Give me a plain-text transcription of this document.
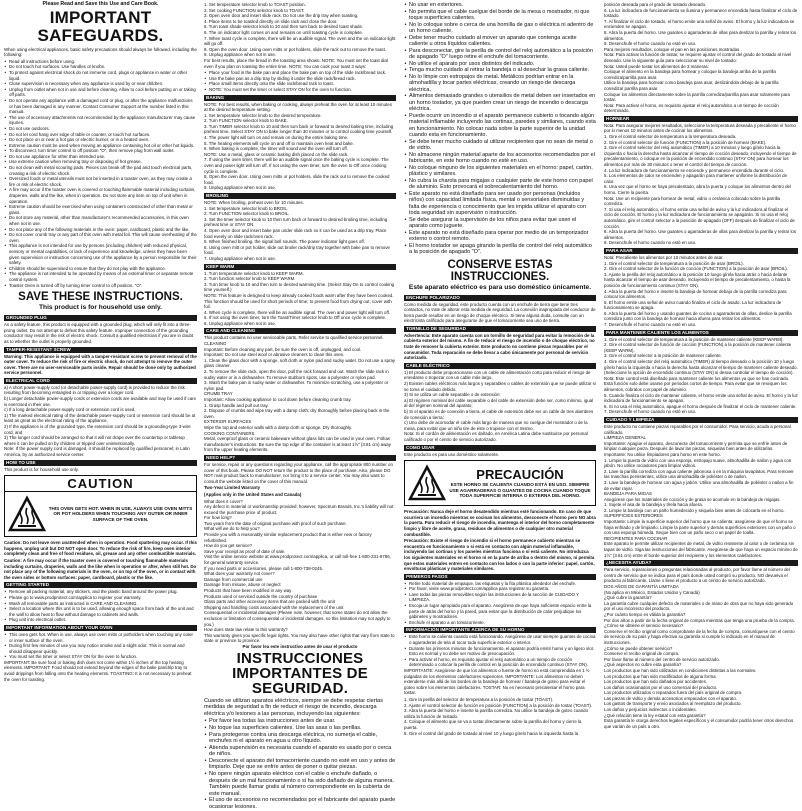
Please Read and Save this Use and Care Book.

IMPORTANT SAFEGUARDS.

When using electrical appliances, basic safety precautions should always be followed, including the following:

• Read all instructions before using.
• Do not touch hot surfaces. Use handles or knobs.
• To protect against electrical shock do not immerse cord, plugs or appliance in water or other liquid.
• Close supervision is necessary when any appliance is used by or near children.
• Unplug from outlet when not in use and before cleaning. Allow to cool before putting on or taking off parts.
• Do not operate any appliance with a damaged cord or plug, or after the appliance malfunctions or has been damaged in any manner. Contact Consumer Support at the number listed in this manual.
• The use of accessory attachments not recommended by the appliance manufacturer may cause injuries.
• Do not use outdoors.
• Do not let cord hang over edge of table or counter, or touch hot surfaces.
• Do not place on or near a hot gas or electric burner, or in a heated oven.
• Extreme caution must be used when moving an appliance containing hot oil or other hot liquids.
• To disconnect, turn timer control to off position "O", then remove plug from wall outlet.
• Do not use appliance for other than intended use.
• Use extreme caution when removing tray or disposing of hot grease.
• Do not clean with metal scouring pads. Pieces can break off the pad and touch electrical parts, creating a risk of electric shock.
• Oversized foods or metal utensils must not be inserted in a toaster oven, as they may create a fire or risk of electric shock.
• A fire may occur if the toaster oven is covered or touching flammable material including curtains, draperies, walls and the like, when in operation. Do not store any item on top of unit when in operation.
• Extreme caution should be exercised when using containers constructed of other than metal or glass.
• Do not store any material, other than manufacturer's recommended accessories, in this oven when not in use.
• Do not place any of the following materials in the oven: paper, cardboard, plastic and the like.
• Do not cover crumb tray or any part of this oven with metal foil. This will cause overheating of the oven.
• This appliance is not intended for use by persons (including children) with reduced physical, sensory or mental capabilities, or lack of experience and knowledge, unless they have been given supervision or instruction concerning use of the appliance by a person responsible for their safety.
• Children should be supervised to ensure that they do not play with the appliance.
• The appliance is not intended to be operated by means of an external timer or separate remote control system.
• Toaster Oven is turned off by turning timer control to off position, "O".
SAVE THESE INSTRUCTIONS.
This product is for household use only.
GROUNDED PLUG

As a safety feature, this product is equipped with a grounded plug, which will only fit into a three-prong outlet. Do not attempt to defeat this safety feature. Improper connection of the grounding conductor may result in the risk of electric shock. Consult a qualified electrician if you are in doubt as to whether the outlet is properly grounded.

TAMPER-RESISTANT SCREW

Warning: This appliance is equipped with a tamper-resistant screw to prevent removal of the outer cover. To reduce the risk of fire or electric shock, do not attempt to remove the outer cover. There are no user-serviceable parts inside. Repair should be done only by authorized service personnel.

ELECTRICAL CORD

a) A short power-supply cord (or detachable power-supply cord) is provided to reduce the risk resulting from becoming entangled in or tripping over a longer cord.

b) Longer detachable power-supply cords or extension cords are available and may be used if care is exercised in their use.

c) If a long detachable power-supply cord or extension cord is used,

1) The marked electrical rating of the detachable power-supply cord or extension cord should be at least as great as the electrical rating of the appliance,

2) If the appliance is of the grounded type, the extension cord should be a grounding-type 3-wire cord, and

3) The longer cord should be arranged so that it will not drape over the countertop or tabletop where it can be pulled on by children or tripped over unintentionally.

Note: If the power supply cord is damaged, it should be replaced by qualified personnel; in Latin America, by an authorized service center.

HOW TO USE

This product is for household use only.

CAUTION
THIS OVEN GETS HOT. WHEN IN USE, ALWAYS USE OVEN MITTS OR POT HOLDERS WHEN TOUCHING ANY OUTER OR INNER SURFACE OF THE OVEN.

Caution: Do not leave oven unattended when in operation. Food spattering may occur. If this happens, unplug unit but DO NOT open door. To reduce the risk of fire, keep oven interior completely clean and free of food residues, oil, grease and any other combustible materials.

Caution: A fire may occur if the toaster oven is covered or touching flammable materials including curtains, draperies, walls and the like when in operation or after, when still hot. Do not place any of the following materials in the oven, or on top of the oven, or in contact with the oven sides or bottom surfaces: paper, cardboard, plastic or the like.

GETTING STARTED
• Remove all packing material, any stickers, and the plastic band around the power plug.
• Please go to www.prodprotect.com/applica to register your warranty.
• Wash all removable parts as instructed in CARE AND CLEANING.
• Select a location where this unit is to be used, allowing enough space from back of the unit and the wall to allow heat to flow without damage to cabinets and walls.
• Plug unit into electrical outlet.
IMPORTANT INFORMATION ABOUT YOUR OVEN
• This oven gets hot. When in use, always use oven mitts or potholders when touching any outer or inner surface of the oven.
• During first few minutes of use you may notice smoke and a slight odor. This is normal and should disappear quickly.
• You must set the timer or select STAY ON for the oven to function.

IMPORTANT: Be sure food or baking dish does not come within 1½ inches of the top heating elements. IMPORTANT: Food should not extend beyond the edges of the bake pan/drip tray to avoid drippings from falling onto the heating elements. TOASTING: It is not necessary to preheat the oven for toasting.

1. Set temperature selector knob to TOAST position.

2. Set cooking FUNCTION selector knob to TOAST.

3. Open oven door and insert slide rack. Do not use the drip tray when toasting.

4. Place items to be toasted directly on slide rack and close the door.

5. Turn toast shade selector knob to 10 and then turn back to desired toast shade.

6. The on indicator light comes on and remains on until toasting cycle is complete.

7. When toast cycle is complete, there will be an audible signal. The oven and the on indicator light will go off.

8. Open the oven door. Using oven mitts or pot holders, slide the rack out to remove the toast.

9. Unplug appliance when not in use.

For best results, place the bread in the toasting area shown. NOTE: You must set the toast dial even if you plan on toasting the entire time. NOTE: You can cook your toast 3 ways:

• Place your food in the bake pan and place the bake pan on top of the slide rack/bread rack.
• Use the bake pan as a drip tray by sliding it under the slide rack/bread rack.
• Place small items directly onto the slide rack/bread rack to toast.
• NOTE: You must set the timer or select STAY ON for the oven to function.
BAKING

NOTE: For best results, when baking or cooking, always preheat the oven for at least 10 minutes at the desired temperature setting.

1. Set temperature selector knob to the desired temperature.

2. Turn FUNCTION selector knob to BAKE.

3. Turn TIMER selector knob to 10 and then turn back or forward to desired baking time, including preheat time. Select STAY ON to bake longer than 30 minutes or to control cooking time yourself.

4. The power light will turn on and remain on during the entire baking time.

5. The heating elements will cycle on and off to maintain oven heat and bake.

6. When baking is complete, the timer will sound and the oven will turn off.

NOTE: Use a metal, glass or ceramic baking dish placed on the slide rack.

7. If using the oven timer, there will be an audible signal once the baking cycle is complete. The oven and power light will turn off. If not using the oven timer, turn the oven to Off once cooking cycle is complete.

8. Open the oven door. Using oven mitts or pot holders, slide the rack out to remove the cooked food.

9. Unplug appliance when not in use.

BROILING

NOTE: When broiling, preheat oven for 10 minutes.

1. Set temperature selector knob to BROIL.

2. Turn FUNCTION selector knob to BROIL.

3. Set the timer selector knob to 10 then turn back or forward to desired broiling time, including preheat time or STAY ON.

4. Open oven door and insert bake pan under slide rack so it can be used as a drip tray. Place food evenly on slide rack/oven rack.

5. When finished broiling, the signal bell sounds. The power indicator light goes off.

6. Using oven mitt or pot holder, slide out broiler rack/drip tray together with bake pan to remove food.

7. Unplug appliance when not in use.

KEEP WARM

1. Turn temperature selector knob to KEEP WARM.

2. Turn function selector knob to KEEP WARM.

3. Turn timer knob to 10 and then turn to desired warming time. (Select Stay On to control cooking time yourself.)

NOTE: This feature is designed to keep already cooked foods warm after they have been cooked.

This function should be used for short periods of time; to prevent food from drying out, cover with foil.

4. When cycle is complete, there will be an audible signal. The oven and power light will turn off.

5. If not using the oven timer, turn the Toast/Timer selector knob to Off once cycle is complete.

6. Unplug appliance when not in use.

CARE AND CLEANING

This product contains no user serviceable parts. Refer service to qualified service personnel.

CLEANING

Important: Before cleaning any part, be sure the oven is off, unplugged, and cool.

Important: Do not use steel wool or abrasive cleaners to clean this oven.

1. Clean the glass door with a sponge, soft cloth or nylon pad and sudsy water. Do not use a spray glass cleaner.

2. To remove the slide rack, open the door, pull the rack forward and out. Wash the slide rack in sudsy water or in a dishwasher. To remove stubborn spots, use a polyester or nylon pad.

3. Wash the bake pan in sudsy water or dishwasher. To minimize scratching, use a polyester or nylon pad.

CRUMB TRAY

Important: Allow cooking appliance to cool down before cleaning crumb tray.

1. Grasp handle and pull out tray.

2. Dispose of crumbs and wipe tray with a damp cloth; dry thoroughly before placing back in the oven.

EXTERIOR SURFACES

Wipe the top and exterior walls with a damp cloth or sponge. Dry thoroughly.

COOKING CONTAINERS

Metal, ovenproof glass or ceramic bakeware without glass lids can be used in your oven. Follow manufacturer's instructions. Be sure the top edge of the container is at least 1½" (3.81 cm) away from the upper heating elements.

NEED HELP?

For service, repair or any questions regarding your appliance, call the appropriate 800 number on cover of this book. Please DO NOT return the product to the place of purchase. Also, please DO NOT mail product back to manufacturer, nor bring it to a service center. You may also want to consult the website listed on the cover of this manual.

Two-Year Limited Warranty

(Applies only in the United States and Canada)

What does it cover?

Any defect in material or workmanship provided; however, Spectrum Brands, Inc.'s liability will not exceed the purchase price of product.

For how long?

Two years from the date of original purchase with proof of such purchase.

What will we do to help you?

Provide you with a reasonably similar replacement product that is either new or factory refurbished.

How do you get service?

Save your receipt as proof of date of sale.

Visit the online service website at www.prodprotect.com/applica, or call toll-free 1-800-231-9786, for general warranty service.

If you need parts or accessories, please call 1-800-738-0245.

What does your warranty not cover?

Damage from commercial use

Damage from misuse, abuse or neglect

Products that have been modified in any way

Products used or serviced outside the country of purchase

Glass parts and other accessory items that are packed with the unit

Shipping and handling costs associated with the replacement of the unit

Consequential or incidental damages (Please note, however, that some states do not allow the exclusion or limitation of consequential or incidental damages, so this limitation may not apply to you.)

How does state law relate to this warranty?

This warranty gives you specific legal rights. You may also have other rights that vary from state to state or province to province.

Por favor lea este instructivo antes de usar el producto

INSTRUCCIONES IMPORTANTES DE SEGURIDAD.

Cuando se utilizan aparatos eléctricos, siempre se debe respetar ciertas medidas de seguridad a fin de reducir el riesgo de incendio, descarga eléctrica y/o lesiones a las personas, incluyendo las siguientes:

• Por favor lea todas las instrucciones antes de usar.
• No toque las superficies calientes. Use las asas o las perillas.
• Para protegerse contra una descarga eléctrica, no sumerja el cable, enchufes ni el aparato en agua u otro líquido.
• Atienda supervisión es necesaria cuando el aparato es usado por o cerca de niños.
• Desconecte el aparato del tomacorriente cuando no esté en uso y antes de limpiarlo. Deje que se enfríe antes de poner o quitar piezas.
• No opere ningún aparato eléctrico con el cable o enchufe dañado, o después de un mal funcionamiento o si ha sido dañado de alguna manera. También puede llamar gratis al número correspondiente en la cubierta de este manual.
• El uso de accesorios no recomendados por el fabricante del aparato puede ocasionar lesiones.
• No usar en exteriores.
• No permita que el cable cuelgue del borde de la mesa o mostrador, ni que toque superficies calientes.
• No lo coloque sobre o cerca de una hornilla de gas o eléctrica ni adentro de un horno caliente.
• Debe tener mucho cuidado al mover un aparato que contenga aceite caliente u otros líquidos calientes.
• Para desconectar, gire la perilla de control del reloj automático a la posición de apagado "O" luego retire el enchufe del tomacorriente.
• No utilice el aparato por usos distintos del indicado.
• Tenga mucho cuidado al retirar la bandeja o al desechar la grasa caliente.
• No lo limpie con estropajos de metal. Metálicos podrían entrar en la almohadilla y tocar partes eléctricas, creando un riesgo de descarga eléctrica.
• Alimentos demasiado grandes o utensilios de metal deben ser insertados en un horno tostador, ya que pueden crear un riesgo de incendio o descarga eléctrica.
• Puede ocurrir un incendio si el aparato permanece cubierto o tocando algún material inflamable incluyendo las cortinas, paredes y similares, cuando esta en funcionamiento. No colocar nada sobre la parte superior de la unidad cuando esta en funcionamiento.
• Se debe tener mucho cuidado al utilizar recipientes que no sean de metal o de vidrio.
• No almacene ningún material aparte de los accesorios recomendados por el fabricante, en este horno cuando no esté en uso.
• No coloque ninguno de los siguientes materiales en el horno: papel, cartón, plástico y similares.
• No cubra la charola para migajas o cualquier parte de este horno con papel de aluminio. Esto provocará el sobrecalentamiento del horno.
• Este aparato no está diseñado para ser usado por personas (incluidos niños) con capacidad limitada física, mental o sensoriales disminuidas y falta de experiencia o conocimiento que les impida utilizar el aparato con toda seguridad sin supervisión o instrucción.
• Se debe asegurar la supervisión de los niños para evitar que usen el aparato como juguete.
• Este aparato no está diseñado para operar por medio de un temporizador externo o control remoto.
• El horno tostador se apaga girando la perilla de control del reloj automático a la posición de apagado "O".
CONSERVE ESTAS INSTRUCCIONES.
Este aparato eléctrico es para uso doméstico únicamente.
ENCHUFE POLARIZADO

Como medida de seguridad, este producto cuenta con un enchufe de tierra que tiene tres contactos, no trate de alterar esta medida de seguridad. La conexión inapropiada del conductor de tierra puede resultar en un riesgo de choque eléctrico. Si tiene alguna duda, consulte con un electricista calificado para asegurarse de que el tomacorriente sea uno de tierra.

TORNILLO DE SEGURIDAD

Advertencia: Este aparato cuenta con un tornillo de seguridad para evitar la remoción de la cubierta exterior del mismo. A fin de reducir el riesgo de incendio o de choque eléctrico, no trate de remover la cubierta exterior. Este producto no contiene piezas reparables por el consumidor. Toda reparación se debe llevar a cabo únicamente por personal de servicio autorizado.

CABLE ELÉCTRICO

1) El producto debe proporcionarse con un cable de alimentación corto para reducir el riesgo de enredarse o tropezar con un cable más largo.

2) Existen cables eléctricos más largos y separables o cables de extensión que se puede utilizar si se toma el cuidado debido.

3) Si se utiliza un cable separable o de extensión:

a) El régimen nominal del cable separable o del cable de extensión debe ser, como mínimo, igual al del régimen nominal del aparato;

b) Si el aparato es de conexión a tierra, el cable de extensión debe ser un cable de tres alambres de conexión a tierra;

c) Uno debe de acomodar el cable más largo de manera que no cuelgue del mostrador o de la mesa, para evitar que un niño tire de éste o tropiece con el mismo.

Nota: Si el cordón de alimentación es dañado, en América Latina debe sustituirse por personal calificado o por el centro de servicio autorizado.

COMO USAR

Este producto es para uso doméstico solamente.

PRECAUCIÓN
ESTE HORNO SE CALIENTA CUANDO ESTÁ EN USO. SIEMPRE USE AGARRADERAS O GUANTES DE COCINA CUANDO TOQUE TODA SUPERFICIE INTERNA O EXTERNA DEL HORNO.

Precaución: Nunca deje el horno desatendido mientras esté funcionando. En caso de que ocurriera un incendio mientras se cocinan los alimentos, desconecte el horno pero NO abra la puerta. Para reducir el riesgo de incendio, mantenga el interior del horno completamente limpio y libre de aceite, grasa, residuos de alimentos o de cualquier otro material combustible.

Precaución: Existe el riesgo de incendio si el horno permanece cubierto mientras se encuentra en funcionamiento o si está en contacto con algún material inflamable, incluyendo las cortinas y los paneles mientras funciona o si está caliente. No introduzca los siguientes materiales en el horno ni en la parte de arriba o dentro del mismo, ni permita que estos materiales entren en contacto con los lados o con la parte inferior: papel, cartón, envolturas plásticas y materiales similares.

PRIMEROS PASOS
• Retire todo material de empaque, las etiquetas y la fita plástica alrededor del enchufe.
• Por favor, visite www.prodprotect.com/applica para registrar su garantía.
• Lave todas las piezas removibles según las instrucciones de la sección de CUIDADO Y LIMPIEZA.
• Escoja un lugar apropiado para el aparato. Asegúrese de que haya suficiente espacio entre la parte de atrás del horno y la pared, para evitar que la distribución de calor perjudique los gabinetes y mostradores.
• Enchufe el aparato a un tomacorriente.
INFORMACIÓN IMPORTANTE ACERCA DE SU HORNO
• Este horno se calienta cuando está funcionando. Asegúrese de usar siempre guantes de cocina o agarraderas de tela al tocar toda superficie exterior o interior.
• Durante los primeros minutos de funcionamiento, el aparato podría emitir humo y un ligero olor. Esto es normal y no debe ser motivo de preocupación.
• Para activar el horno, es requisito ajustar el reloj automático a un tiempo de cocción determinado o colocar la perilla de control en la posición de encendido continuo (STAY ON).

IMPORTANTE: Asegúrese de que los alimentos o fuente de horno no está comprendida en 1 ½ pulgadas de los elementos calefactores superiores. IMPORTANTE: Los alimentos no deben extenderse más allá de los bordes de la bandeja de hornear / bandeja de goteo para evitar el goteo sobre los elementos calefactores. TOSTAR: No es necesario precalentar el horno para tostar.

1. Gire la perilla del selector de temperatura a la posición de tostar (TOAST).

2. Ajuste el control selector de función en posición (FUNCTION) a la posición de tostar (TOAST).

3. Abra la puerta del horno e inserte la parrilla corrediza. No utilice la bandeja de goteo cuando utiliza la función de tostado.

4. Coloque el alimento que se va a tostar directamente sobre la parrilla del horno y cierre la puerta.

5. Gire el control del grado de tostado al nivel 10 y luego gírelo hacia la izquierda hasta la

posición deseada para el grado de tostado deseado.

6. La luz indicadora de funcionamiento se ilumina y permanece encendida hasta finalizar el ciclo de tostado.

7. Al finalizar el ciclo de tostado, el horno emite una señal de aviso. El horno y la luz indicadora se encienden se apagan.

8. Abra la puerta del horno. Use guantes o agarraderas de ollas para deslizar la parrilla y retirar los alimentos.

9. Desenchufe el horno cuando no esté en uso.

Para mejores resultados, coloque el pan en las posiciones mostradas.

Nota: Para activar la función de tostar, se requiere ajustar el control del grado de tostado al nivel deseado. Use la siguiente guía para seleccionar su nivel de tostado:

Nota: Usted puede tostar los alimentos de 3 maneras:

Coloque el alimento en la bandeja para hornear y coloque la bandeja arriba de la parrilla corrediza/parrilla para asar.

Utilice la bandeja para hornear como bandeja para asar, deslizándola debajo de la parrilla corrediza/ parrilla para asar.

Coloque los alimentos directamente sobre la parrilla corrediza/parrilla para asar solamente para tostar.

Nota: Para activar el horno, es requisito ajustar el reloj automático a un tiempo de cocción determinado.

HORNEAR

Nota: Para asegurar mejores resultados, seleccione la temperatura deseada y precaliente el horno por lo menos 10 minutos antes de cocinar los alimentos.

1. Gire el control selector de temperatura a la temperatura deseada.

2. Gire el control selector de función (FUNCTION) a la posición de hornear (BAKE).

3. Gire el control selector del reloj automático (TIMER) a 10 minutos y luego gírelo hacia la izquierda o hacia la derecha hasta alcanzar el tiempo de cocción deseado, incluyendo el tiempo de precalentamiento, o coloque en la posición de encendido continuo (STAY ON) para hornear los alimentos por más de 30 minutos o tener el control del tiempo de cocción.

4. La luz indicadora de funcionamiento se enciende y permanece encendida durante el ciclo.

5. Los elementos de calor se encienden y apagarán para mantener uniforme la distribución de calor.

6. Una vez que el horno se haya precalentado, abra la puerta y coloque los alimentos dentro del horno. Cierre la puerta.

Nota: Use un recipiente para hornear de metal, vidrio o cerámica colocado sobre la parrilla corrediza.

7. Si usa el reloj automático, el horno emite una señal de aviso y la luz indicadora al finalizar el ciclo de cocción. El horno y la luz indicadora de funcionamiento se apagarán. Si no usa el reloj automático, gire el control selector a la posición de apagado (OFF) después de finalizar el ciclo de cocción.

8. Abra la puerta del horno. Use guantes o agarraderas de ollas para deslizar la parrilla y retirar los alimentos.

9. Desenchufe el horno cuando no esté en uso.

PARA ASAR

Nota: Precaliente los alimentos por 10 minutos antes de asar.

1. Gire el control selector de temperatura a la posición de asar (BROIL).

2. Gire el control selector de la función de cocción (FUNCTION) a la posición de asar (BROIL).

3. Ajuste la perilla del reloj automático a la posición 10 luego gírela hacia atrás o hacia delante hasta alcanzar el tiempo de asar deseado, incluyendo el tiempo de precalentamiento, o hasta la posición de funcionamiento continuo (STAY ON).

4. Abra la puerta del horno e inserte la bandeja de hornear debajo de la parrilla corrediza para colocar los alimentos.

5. El horno emite una señal de aviso cuando finaliza el ciclo de asado. La luz indicadora de funcionamiento se apaga.

6. Abra la puerta del horno y usando guantes de cocina o agarraderas de ollas, deslice la parrilla corrediza junto con la bandeja de hornear hacia afuera para retirar los alimentos.

7. Desenchufe el horno cuando no esté en uso.

PARA MANTENER CALIENTE LOS ALIMENTOS

1. Gire el control selector de temperatura a la posición de mantener caliente (KEEP WARM).

2. Gire el control selector de función de cocción (FUNCTION) a la posición de mantener caliente (KEEP WARM).

3. Gire el control selector a la posición de mantener caliente.

4. Gire el control selector del reloj automático (TIMER) al tiempo deseado o la posición 10 y luego gírelo hacia la izquierda o hacia la derecha hasta alcanzar el tiempo de mantener caliente deseado. (Seleccione la opción de encendido continuo (STAY ON) si desea controlar el tiempo de cocción).

Nota: Este control está diseñado para mantener caliente los alimentos ya que se han cocinado. Esta función solo debe usarse por periodos cortos de tiempo. Para evitar que se resequen los alimentos, cúbralos con papel de aluminio.

5. Cuando finaliza el ciclo de mantener caliente, el horno emite una señal de aviso. El horno y la luz indicadora de funcionamiento se apagan.

6. Si no usa el reloj automático, apague el horno después de finalizar el ciclo de mantener caliente.

7. Desenchufe el horno cuando no esté en uso.

CUIDADO Y LIMPIEZA

Este producto no contiene piezas reparables por el consumidor. Para servicio, acuda a personal calificado.

LIMPIEZA GENERAL

Importante: Apague el aparato, desconecte del tomacorriente y permita que se enfríe antes de limpiar cualquier pieza. Después de lavar las piezas, séquelas bien antes de utilizarlas.

Importante: No utilice limpiadores para horno en este horno.

1. Limpie la puerta de vidrio con una esponja, estropajo suave, almohadilla de nailon y agua con jabón. No utilice rociadores para limpiar vidrios.

2. Lave la parrilla corrediza con agua caliente jabonosa o en la máquina lavaplatos. Para remover las manchas persistentes, utilice una almohadilla de poliéster o de nailon.

3. Lave la bandeja de hornear con agua y jabón. Utilice una almohadilla de poliéster o nailon a fin de evitar rayar.

BANDEJA PARA MIGAS

Asegúrese que los materiales de cocción y de grasa se acumule en la bandeja de migajas.

1. Sujete el asa de la bandeja y tírela hacia afuera.

2. Limpie la bandeja con un paño humedecido y séquela bien antes de colocarla en el horno.

SUPERFICIES EXTERIORES

Importante: Limpie la superficie superior del horno que se calienta; asegúrese de que el horno se haya enfriado y de limpiarlo. Limpie la parte superior y demás superficies exteriores con un paño o con una esponja húmeda. Seque bien con un paño seco o un papel de toalla.

RECIPIENTES PARA COCINAR

Este aparato le permite utilizar recipientes de metal, de vidrio resistente al calor o de cerámica sin tapas de vidrio. Siga las instrucciones del fabricante. Asegúrese de que haya un espacio mínimo de 1½" (3.81 cm) entre el borde superior del recipiente y los elementos calefactores.

¿NECESITA AYUDA?

Para servicio, reparaciones o preguntas relacionadas al producto, por favor llame al número del centro de servicio que se indica para el país donde usted compró su producto. NO devuelva el producto al fabricante. Llame o lleve el producto a un centro de servicio autorizado.

DOS AÑOS DE GARANTÍA LIMITADA

(No aplica en México, Estados Unidos y Canadá)

¿Qué cubre la garantía?

La garantía cubre cualquier defecto de materiales o de mano de obra que no haya sido generado por el uso incorrecto del producto.

¿Por cuánto tiempo es válida la garantía?

Por dos años a partir de la fecha original de compra mientras que tenga una prueba de la compra.

¿Cómo se obtiene el servicio necesario?

Conserve el recibo original como comprobante de la fecha de compra, comuníquese con el centro de servicio de su país y haga efectiva su garantía si cumple lo indicado en el manual de instrucciones.

¿Cómo se puede obtener servicio?

Conserve el recibo original de compra.

Por favor llame al número del centro de servicio autorizado.

¿Qué aspectos no cubre esta garantía?

Los productos que han sido utilizados en condiciones distintas a las normales.

Los productos que han sido modificados de alguna forma.

Los productos que han sido dañados por accidentes.

Los daños ocasionados por el uso comercial del producto.

Los productos utilizados o reparados fuera del país original de compra.

Las piezas de vidrio y demás accesorios empacados con el aparato.

Los gastos de transporte y envío asociados al reemplazo del producto.

Los daños y perjuicios indirectos o incidentales.

¿Qué relación tiene la ley estatal con esta garantía?

Esta garantía le otorga derechos legales específicos y el consumidor podría tener otros derechos que varían de un país a otro.
